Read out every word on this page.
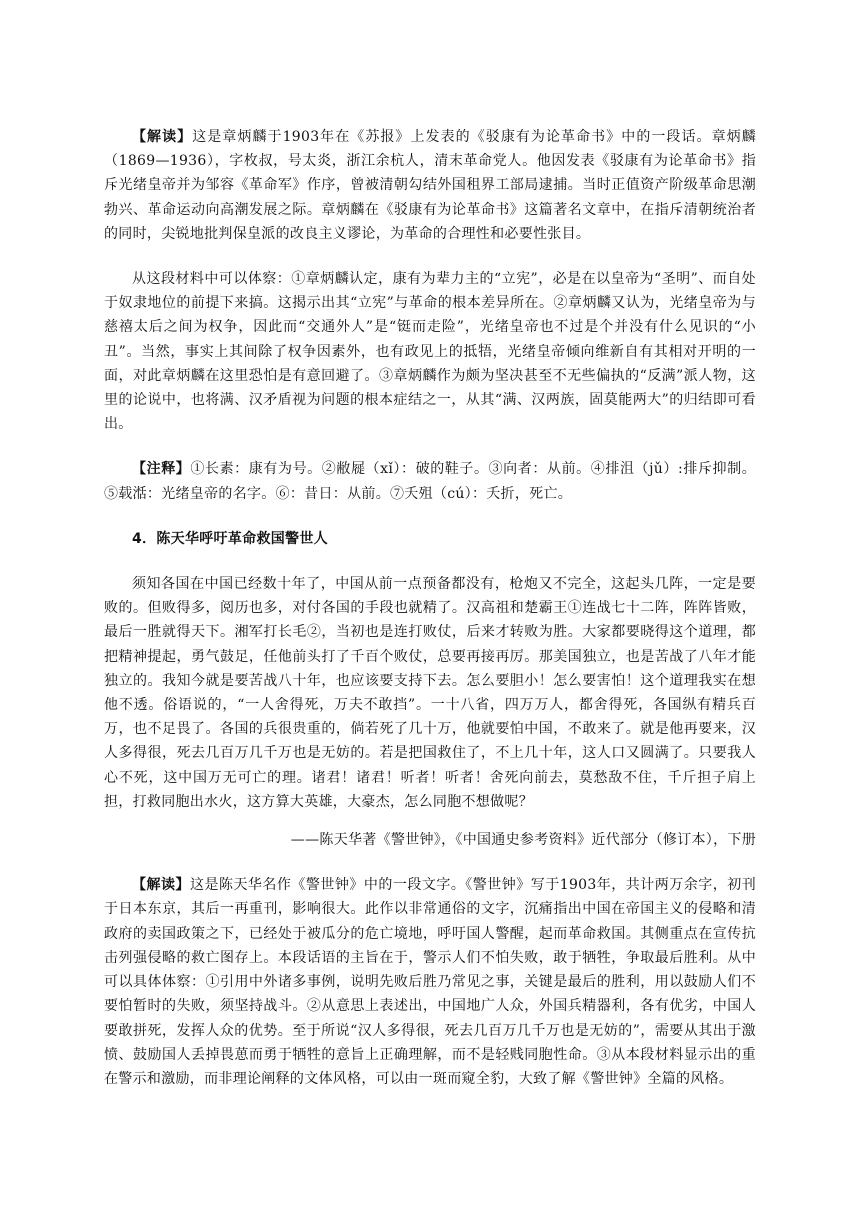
【解读】这是章炳麟于1903年在《苏报》上发表的《驳康有为论革命书》中的一段话。章炳麟（1869—1936），字枚叔，号太炎，浙江余杭人，清末革命党人。他因发表《驳康有为论革命书》指斥光绪皇帝并为邹容《革命军》作序，曾被清朝勾结外国租界工部局逮捕。当时正值资产阶级革命思潮勃兴、革命运动向高潮发展之际。章炳麟在《驳康有为论革命书》这篇著名文章中，在指斥清朝统治者的同时，尖锐地批判保皇派的改良主义谬论，为革命的合理性和必要性张目。

从这段材料中可以体察：①章炳麟认定，康有为辈力主的“立宪”，必是在以皇帝为“圣明”、而自处于奴隶地位的前提下来搞。这揭示出其“立宪”与革命的根本差异所在。②章炳麟又认为，光绪皇帝为与慈禧太后之间为权争，因此而“交通外人”是“铤而走险”，光绪皇帝也不过是个并没有什么见识的“小丑”。当然，事实上其间除了权争因素外，也有政见上的抵牾，光绪皇帝倾向维新自有其相对开明的一面，对此章炳麟在这里恐怕是有意回避了。③章炳麟作为颇为坚决甚至不无些偏执的“反满”派人物，这里的论说中，也将满、汉矛盾视为问题的根本症结之一，从其“满、汉两族，固莫能两大”的归结即可看出。

【注释】①长素：康有为号。②敝屣（xǐ）：破的鞋子。③向者：从前。④排沮（jǔ）:排斥抑制。⑤载湉：光绪皇帝的名字。⑥：昔日：从前。⑦夭殂（cú）：夭折，死亡。

4．陈天华呼吁革命救国警世人

须知各国在中国已经数十年了，中国从前一点预备都没有，枪炮又不完全，这起头几阵，一定是要败的。但败得多，阅历也多，对付各国的手段也就精了。汉高祖和楚霸王①连战七十二阵，阵阵皆败，最后一胜就得天下。湘军打长毛②，当初也是连打败仗，后来才转败为胜。大家都要晓得这个道理，都把精神提起，勇气鼓足，任他前头打了千百个败仗，总要再接再厉。那美国独立，也是苦战了八年才能独立的。我知今就是要苦战八十年，也应该要支持下去。怎么要胆小！怎么要害怕！这个道理我实在想他不透。俗语说的，“一人舍得死，万夫不敢挡”。一十八省，四万万人，都舍得死，各国纵有精兵百万，也不足畏了。各国的兵很贵重的，倘若死了几十万，他就要怕中国，不敢来了。就是他再要来，汉人多得很，死去几百万几千万也是无妨的。若是把国救住了，不上几十年，这人口又圆满了。只要我人心不死，这中国万无可亡的理。诸君！诸君！听者！听者！舍死向前去，莫愁敌不住，千斤担子肩上担，打救同胞出水火，这方算大英雄，大豪杰，怎么同胞不想做呢？

——陈天华著《警世钟》，《中国通史参考资料》近代部分（修订本），下册

【解读】这是陈天华名作《警世钟》中的一段文字。《警世钟》写于1903年，共计两万余字，初刊于日本东京，其后一再重刊，影响很大。此作以非常通俗的文字，沉痛指出中国在帝国主义的侵略和清政府的卖国政策之下，已经处于被瓜分的危亡境地，呼吁国人警醒，起而革命救国。其侧重点在宣传抗击列强侵略的救亡图存上。本段话语的主旨在于，警示人们不怕失败，敢于牺牲，争取最后胜利。从中可以具体体察：①引用中外诸多事例，说明先败后胜乃常见之事，关键是最后的胜利，用以鼓励人们不要怕暂时的失败，须坚持战斗。②从意思上表述出，中国地广人众，外国兵精器利，各有优劣，中国人要敢拼死，发挥人众的优势。至于所说“汉人多得很，死去几百万几千万也是无妨的”，需要从其出于激愤、鼓励国人丢掉畏葸而勇于牺牲的意旨上正确理解，而不是轻贱同胞性命。③从本段材料显示出的重在警示和激励，而非理论阐释的文体风格，可以由一斑而窥全豹，大致了解《警世钟》全篇的风格。
